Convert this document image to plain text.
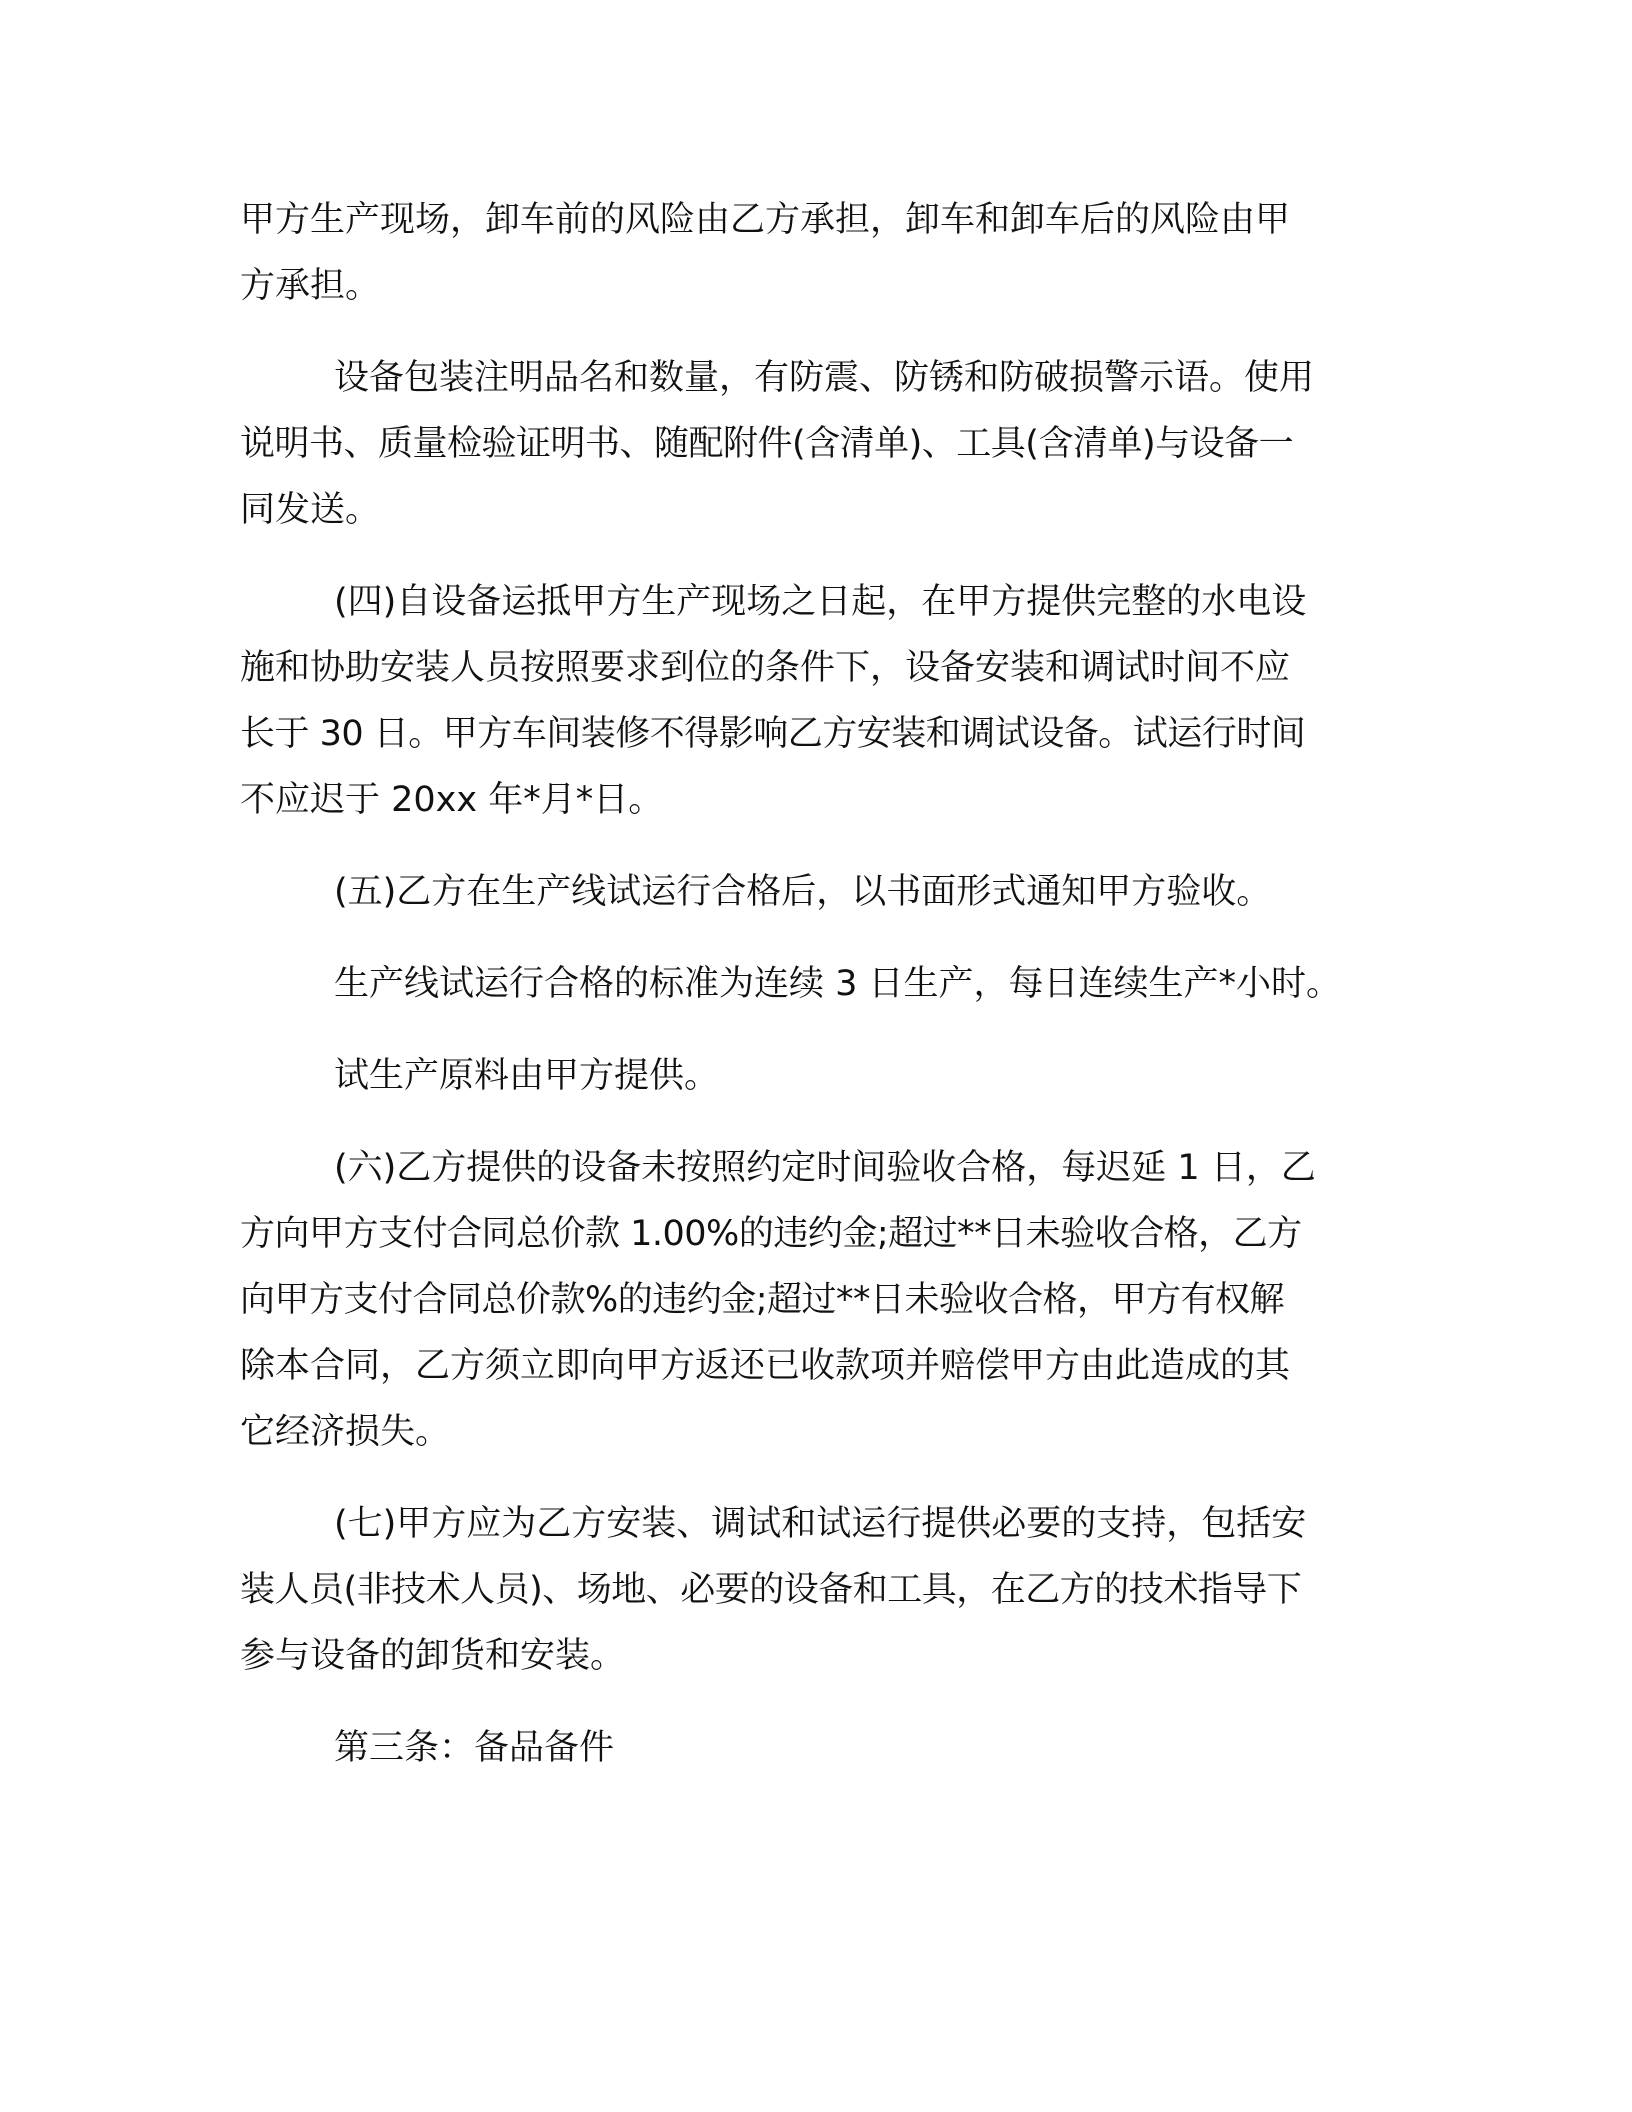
甲方生产现场，卸车前的风险由乙方承担，卸车和卸车后的风险由甲

方承担。

设备包装注明品名和数量，有防震、防锈和防破损警示语。使用

说明书、质量检验证明书、随配附件(含清单)、工具(含清单)与设备一

同发送。

(四)自设备运抵甲方生产现场之日起，在甲方提供完整的水电设

施和协助安装人员按照要求到位的条件下，设备安装和调试时间不应

长于 30 日。甲方车间装修不得影响乙方安装和调试设备。试运行时间

不应迟于 20xx 年*月*日。

(五)乙方在生产线试运行合格后，以书面形式通知甲方验收。

生产线试运行合格的标准为连续 3 日生产，每日连续生产*小时。

试生产原料由甲方提供。

(六)乙方提供的设备未按照约定时间验收合格，每迟延 1 日，乙

方向甲方支付合同总价款 1.00%的违约金;超过**日未验收合格，乙方

向甲方支付合同总价款%的违约金;超过**日未验收合格，甲方有权解

除本合同，乙方须立即向甲方返还已收款项并赔偿甲方由此造成的其

它经济损失。

(七)甲方应为乙方安装、调试和试运行提供必要的支持，包括安

装人员(非技术人员)、场地、必要的设备和工具，在乙方的技术指导下

参与设备的卸货和安装。

第三条：备品备件
